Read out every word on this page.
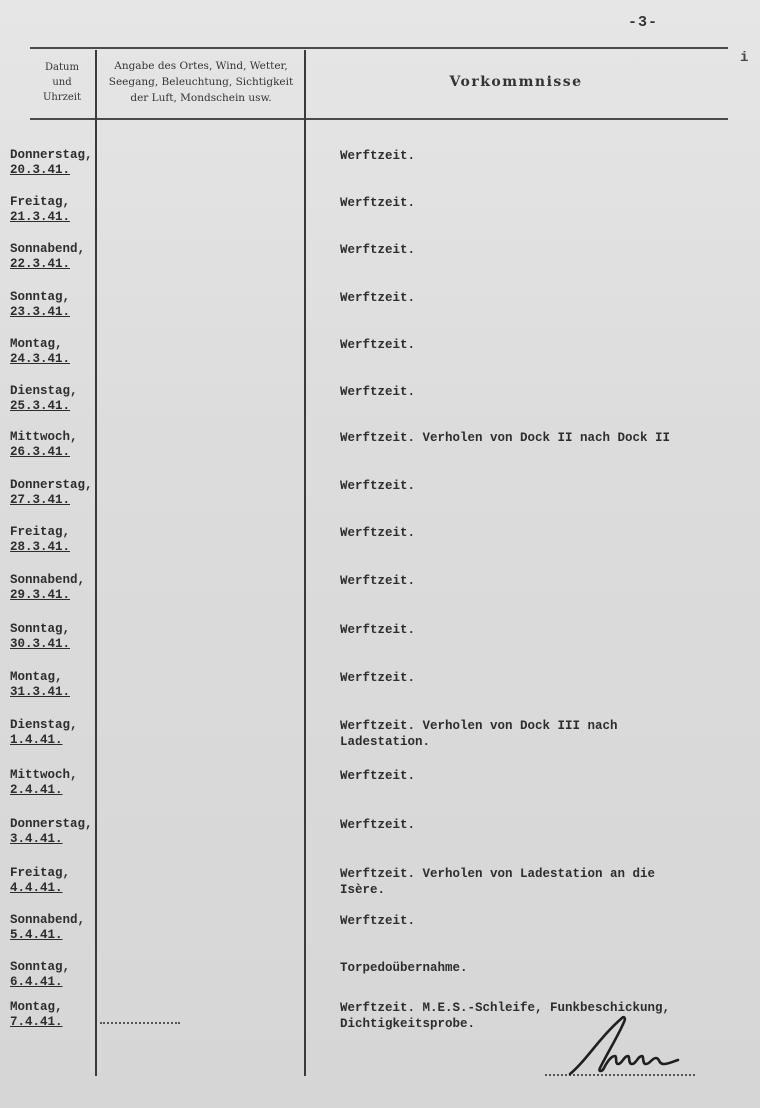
-3-
i
Datum
und
Uhrzeit
Angabe des Ortes, Wind, Wetter,
Seegang, Beleuchtung, Sichtigkeit
der Luft, Mondschein usw.
Vorkommnisse
Donnerstag,
20.3.41.
Werftzeit.
Freitag,
21.3.41.
Werftzeit.
Sonnabend,
22.3.41.
Werftzeit.
Sonntag,
23.3.41.
Werftzeit.
Montag,
24.3.41.
Werftzeit.
Dienstag,
25.3.41.
Werftzeit.
Mittwoch,
26.3.41.
Werftzeit. Verholen von Dock II nach Dock II
Donnerstag,
27.3.41.
Werftzeit.
Freitag,
28.3.41.
Werftzeit.
Sonnabend,
29.3.41.
Werftzeit.
Sonntag,
30.3.41.
Werftzeit.
Montag,
31.3.41.
Werftzeit.
Dienstag,
1.4.41.
Werftzeit. Verholen von Dock III nach
Ladestation.
Mittwoch,
2.4.41.
Werftzeit.
Donnerstag,
3.4.41.
Werftzeit.
Freitag,
4.4.41.
Werftzeit. Verholen von Ladestation an die
Isère.
Sonnabend,
5.4.41.
Werftzeit.
Sonntag,
6.4.41.
Torpedoübernahme.
Montag,
7.4.41.
Werftzeit. M.E.S.-Schleife, Funkbeschickung,
Dichtigkeitsprobe.
